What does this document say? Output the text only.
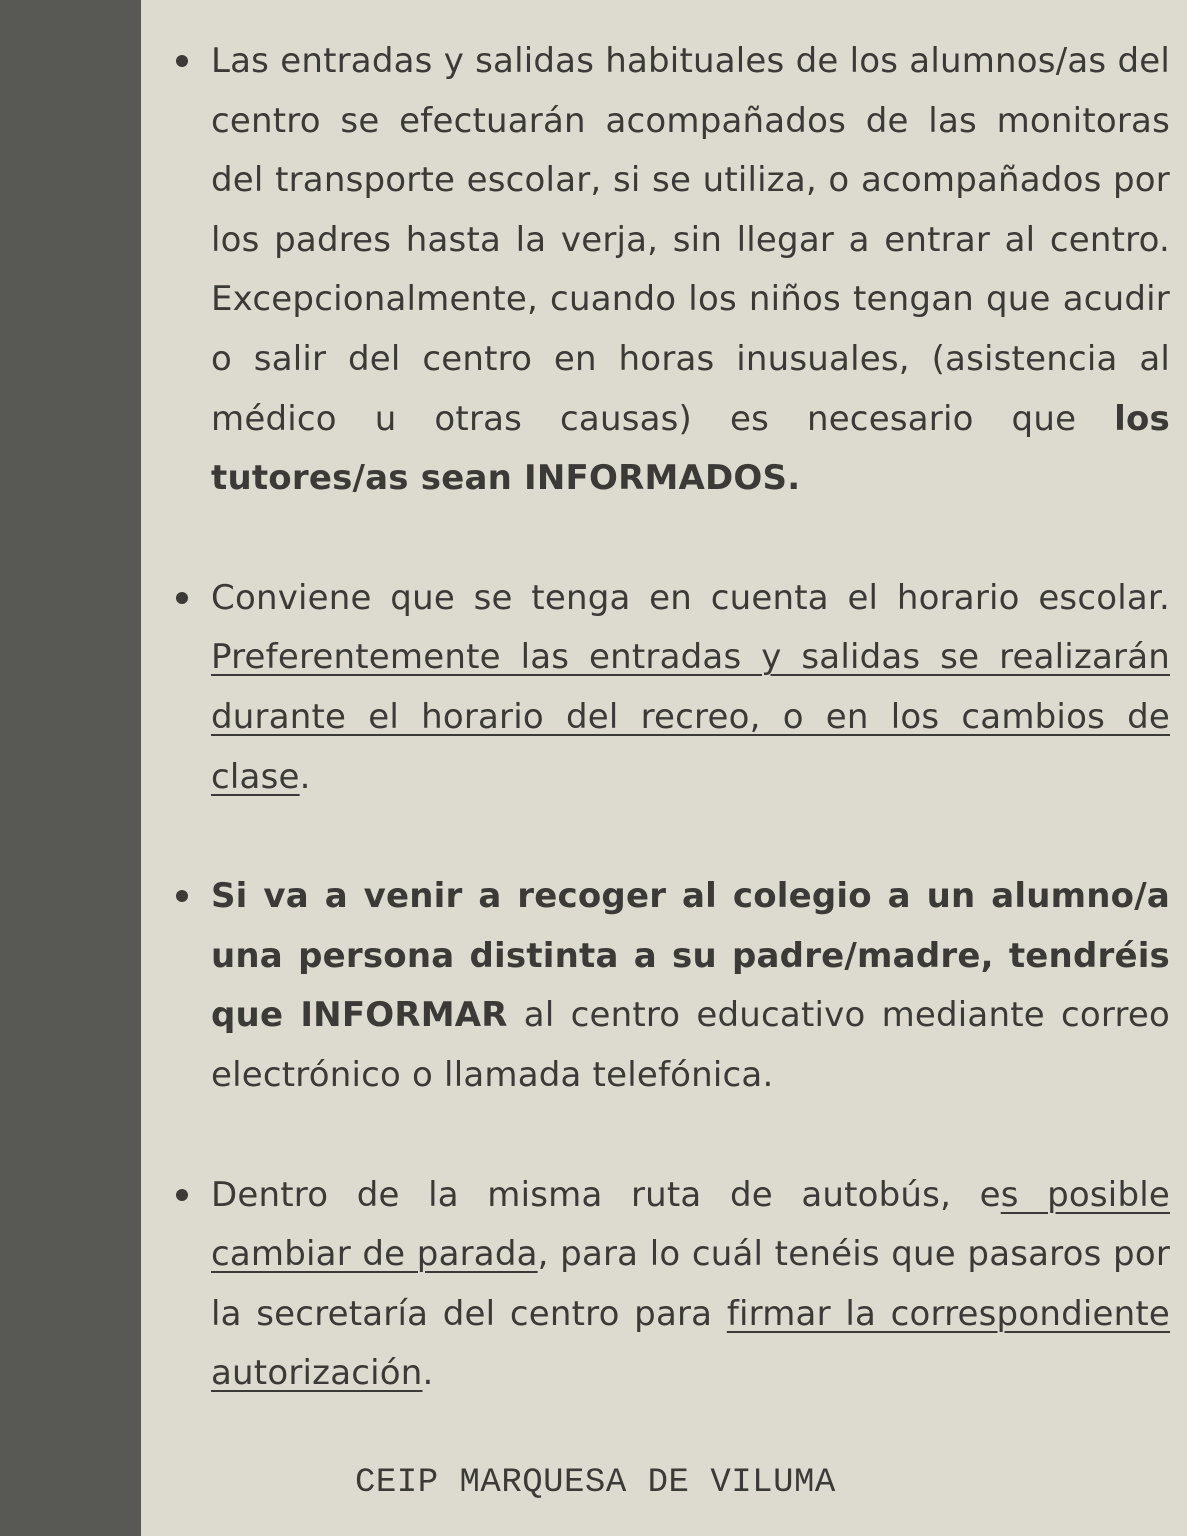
Las entradas y salidas habituales de los alumnos/as del centro se efectuarán acompañados de las monitoras del transporte escolar, si se utiliza, o acompañados por los padres hasta la verja, sin llegar a entrar al centro. Excepcionalmente, cuando los niños tengan que acudir o salir del centro en horas inusuales, (asistencia al médico u otras causas) es necesario que los tutores/as sean INFORMADOS.
Conviene que se tenga en cuenta el horario escolar. Preferentemente las entradas y salidas se realizarán durante el horario del recreo, o en los cambios de clase.
Si va a venir a recoger al colegio a un alumno/a una persona distinta a su padre/madre, tendréis que INFORMAR al centro educativo mediante correo electrónico o llamada telefónica.
Dentro de la misma ruta de autobús, es posible cambiar de parada, para lo cuál tenéis que pasaros por la secretaría del centro para firmar la correspondiente autorización.
CEIP MARQUESA DE VILUMA
